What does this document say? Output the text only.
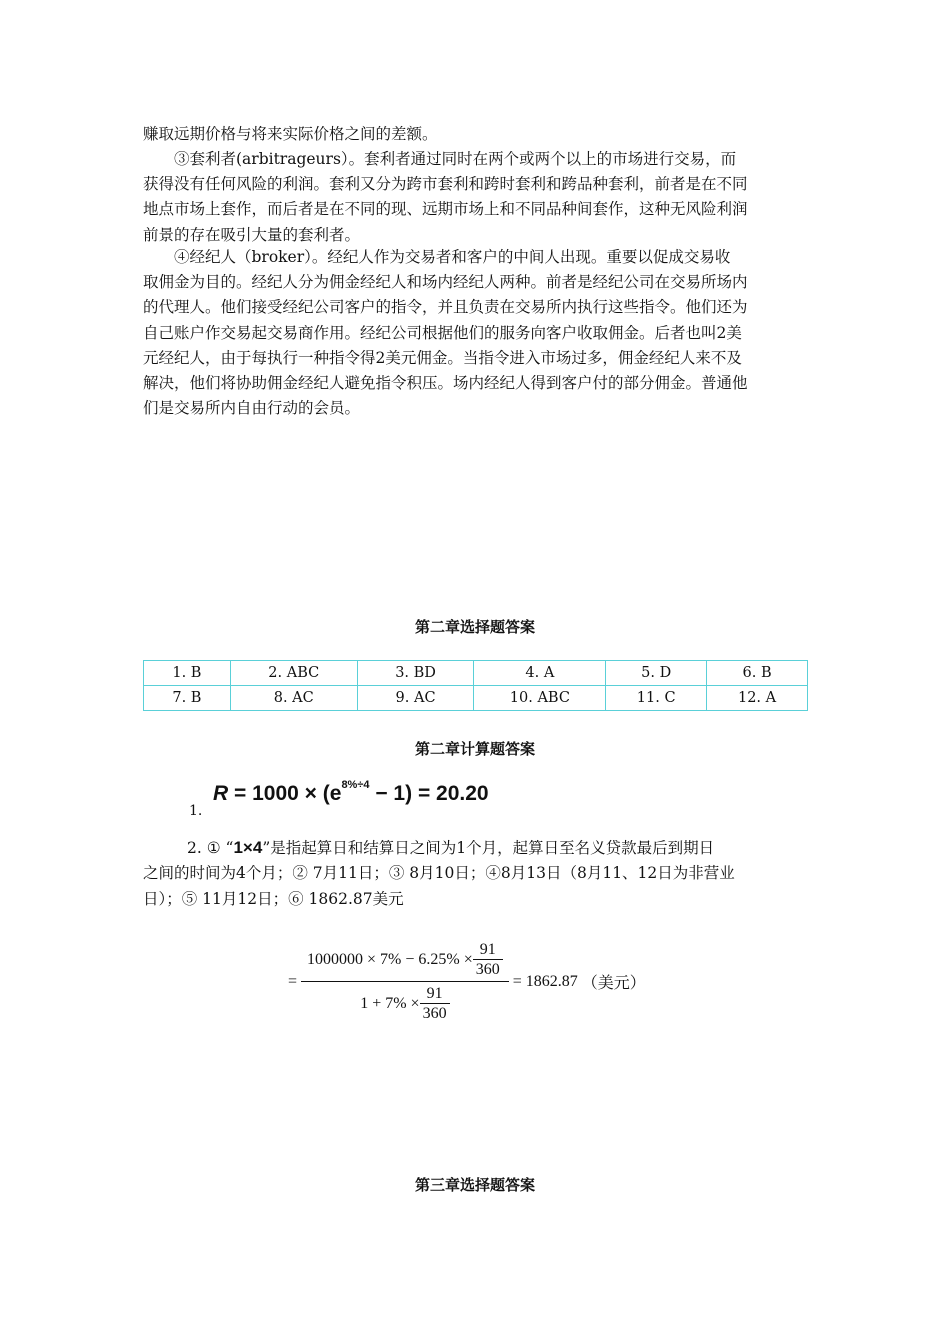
赚取远期价格与将来实际价格之间的差额。
③套利者(arbitrageurs）。套利者通过同时在两个或两个以上的市场进行交易，而
获得没有任何风险的利润。套利又分为跨市套利和跨时套利和跨品种套利，前者是在不同
地点市场上套作，而后者是在不同的现、远期市场上和不同品种间套作，这种无风险利润
前景的存在吸引大量的套利者。
④经纪人（broker）。经纪人作为交易者和客户的中间人出现。重要以促成交易收
取佣金为目的。经纪人分为佣金经纪人和场内经纪人两种。前者是经纪公司在交易所场内
的代理人。他们接受经纪公司客户的指令，并且负责在交易所内执行这些指令。他们还为
自己账户作交易起交易商作用。经纪公司根据他们的服务向客户收取佣金。后者也叫2美
元经纪人，由于每执行一种指令得2美元佣金。当指令进入市场过多，佣金经纪人来不及
解决，他们将协助佣金经纪人避免指令积压。场内经纪人得到客户付的部分佣金。普通他
们是交易所内自由行动的会员。
第二章选择题答案
1. B	2. ABC	3. BD	4. A	5. D	6. B
7. B	8. AC	9. AC	10. ABC	11. C	12. A
第二章计算题答案
1.
$R = 1000 \times (e^{8\%\div 4} - 1) = 20.20$
2. ① “1×4”是指起算日和结算日之间为1个月，起算日至名义贷款最后到期日
之间的时间为4个月；② 7月11日；③ 8月10日；④8月13日（8月11、12日为非营业
日）；⑤ 11月12日；⑥ 1862.87美元
=
$1000000 \times 7\% - 6.25\% \times \frac{91}{360}$
$1 + 7\% \times \frac{91}{360}$
= 1862.87 （美元）
第三章选择题答案
